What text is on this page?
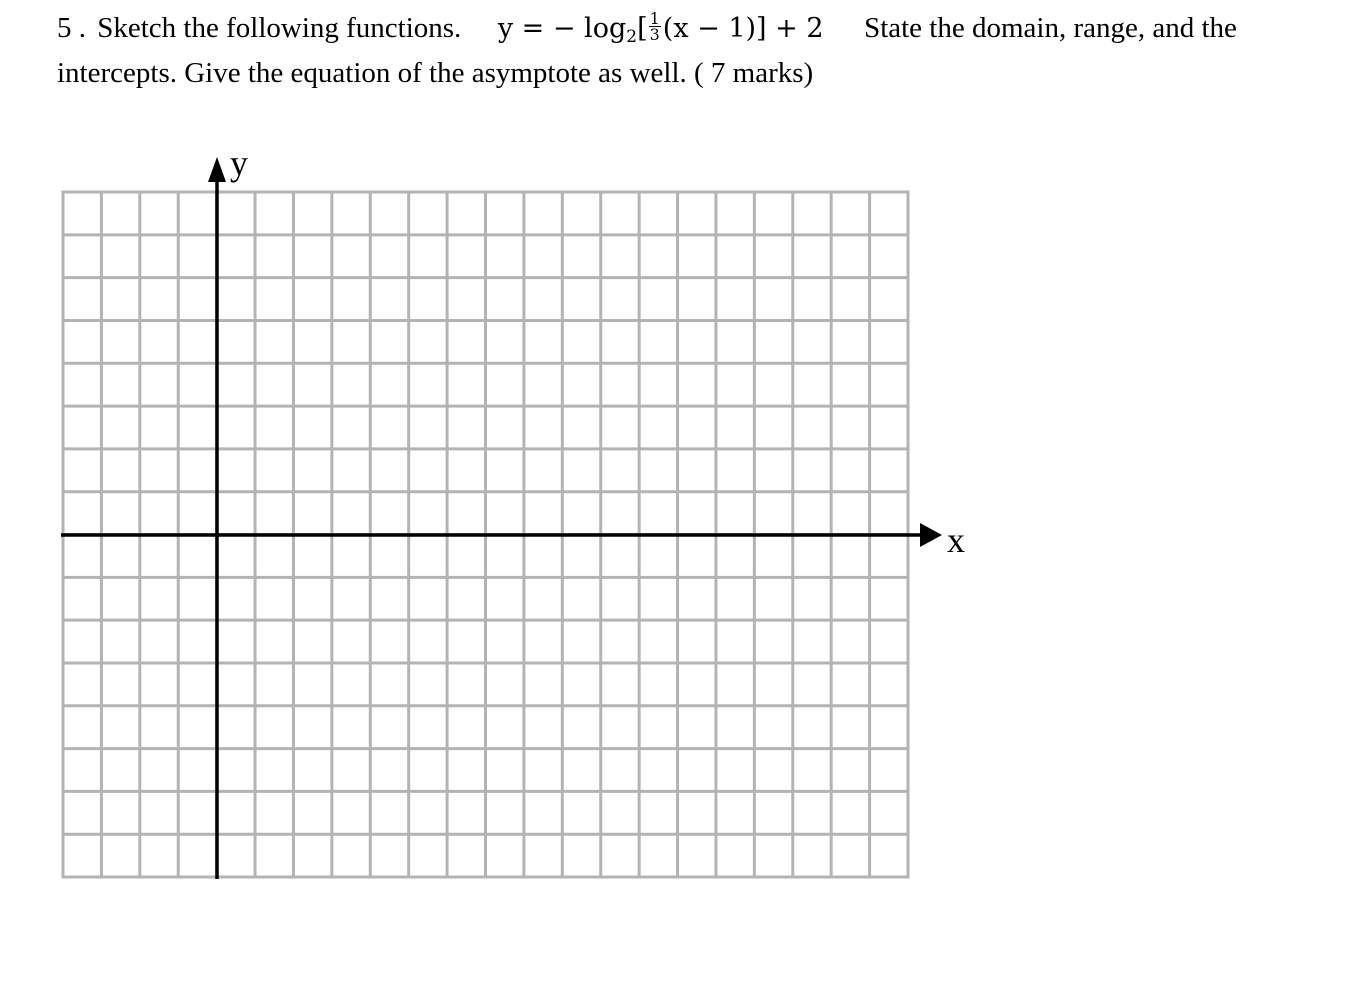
5 . Sketch the following functions. y = − $\log_2[ \frac{1}{3} (x - 1)] + 2$ State the domain, range, and the
intercepts. Give the equation of the asymptote as well. ( 7 marks)
y
x
